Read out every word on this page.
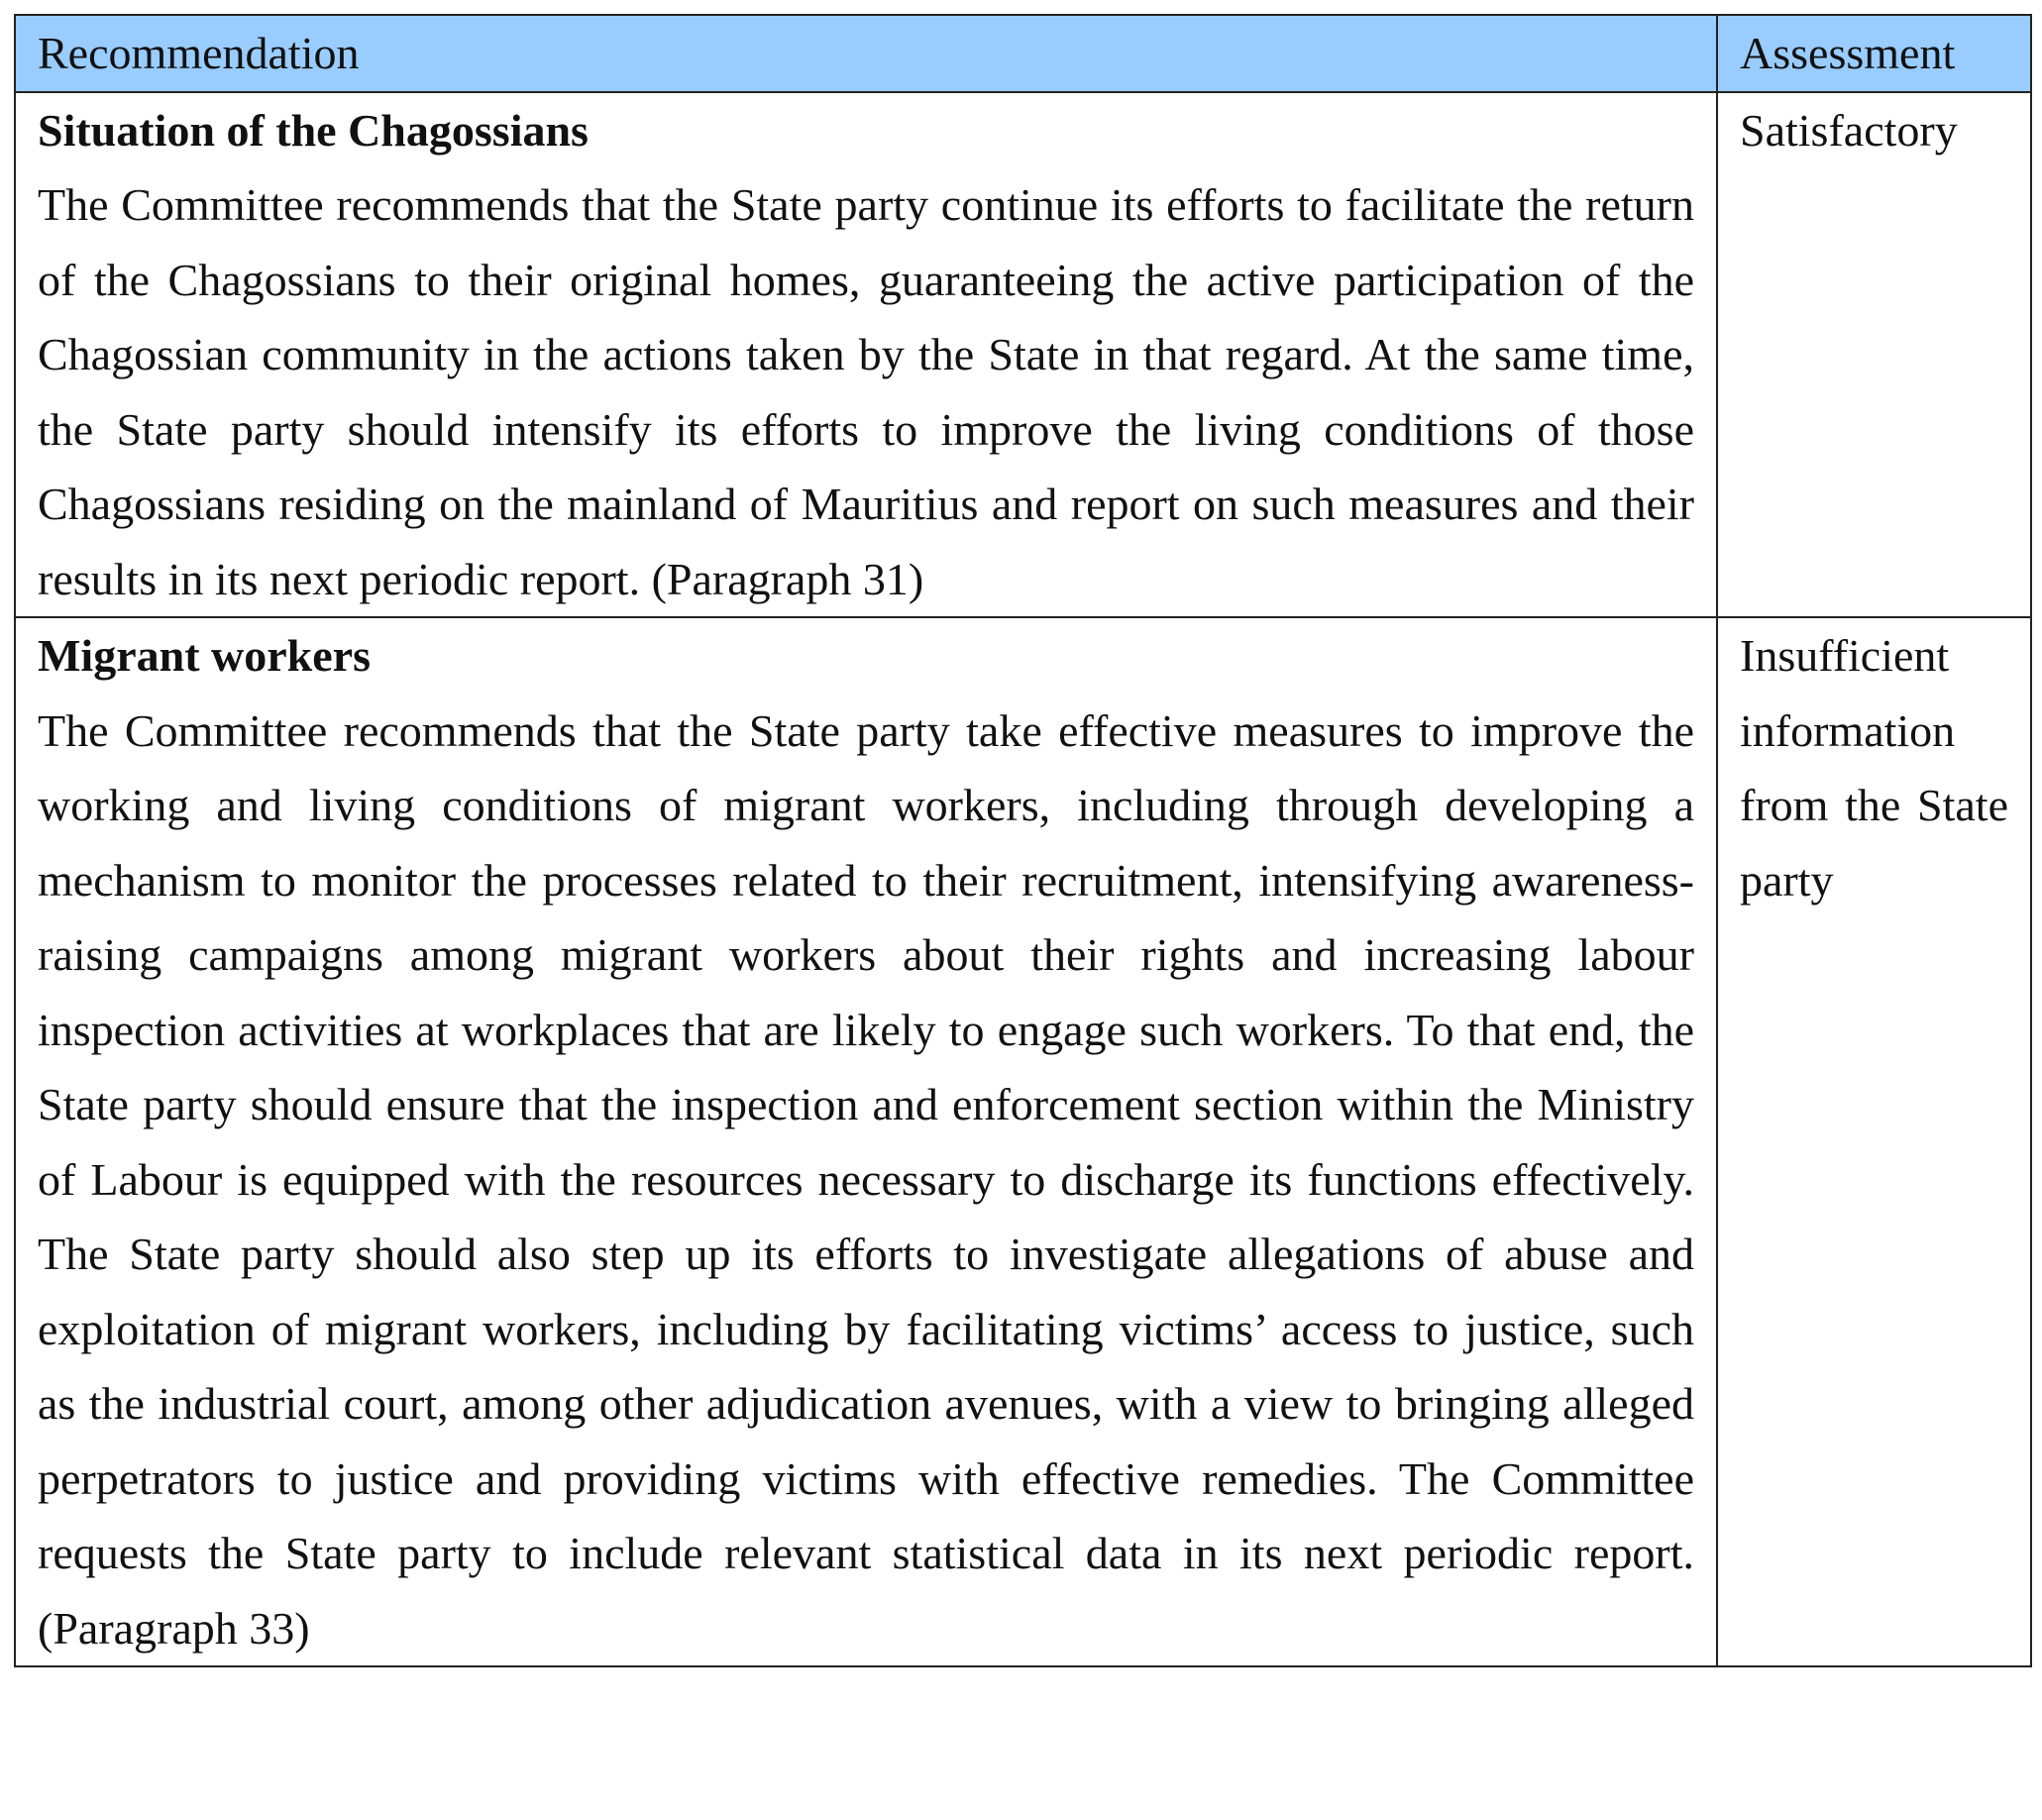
Recommendation	Assessment

Situation of the Chagossians
The Committee recommends that the State party continue its efforts to facilitate the return of the Chagossians to their original homes, guaranteeing the active participation of the Chagossian community in the actions taken by the State in that regard. At the same time, the State party should intensify its efforts to improve the living conditions of those Chagossians residing on the mainland of Mauritius and report on such measures and their results in its next periodic report. (Paragraph 31)	Satisfactory

Migrant workers
The Committee recommends that the State party take effective measures to improve the working and living conditions of migrant workers, including through developing a mechanism to monitor the processes related to their recruitment, intensifying awareness-raising campaigns among migrant workers about their rights and increasing labour inspection activities at workplaces that are likely to engage such workers. To that end, the State party should ensure that the inspection and enforcement section within the Ministry of Labour is equipped with the resources necessary to discharge its functions effectively. The State party should also step up its efforts to investigate allegations of abuse and exploitation of migrant workers, including by facilitating victims’ access to justice, such as the industrial court, among other adjudication avenues, with a view to bringing alleged perpetrators to justice and providing victims with effective remedies. The Committee requests the State party to include relevant statistical data in its next periodic report. (Paragraph 33)	Insufficient information from the State party
